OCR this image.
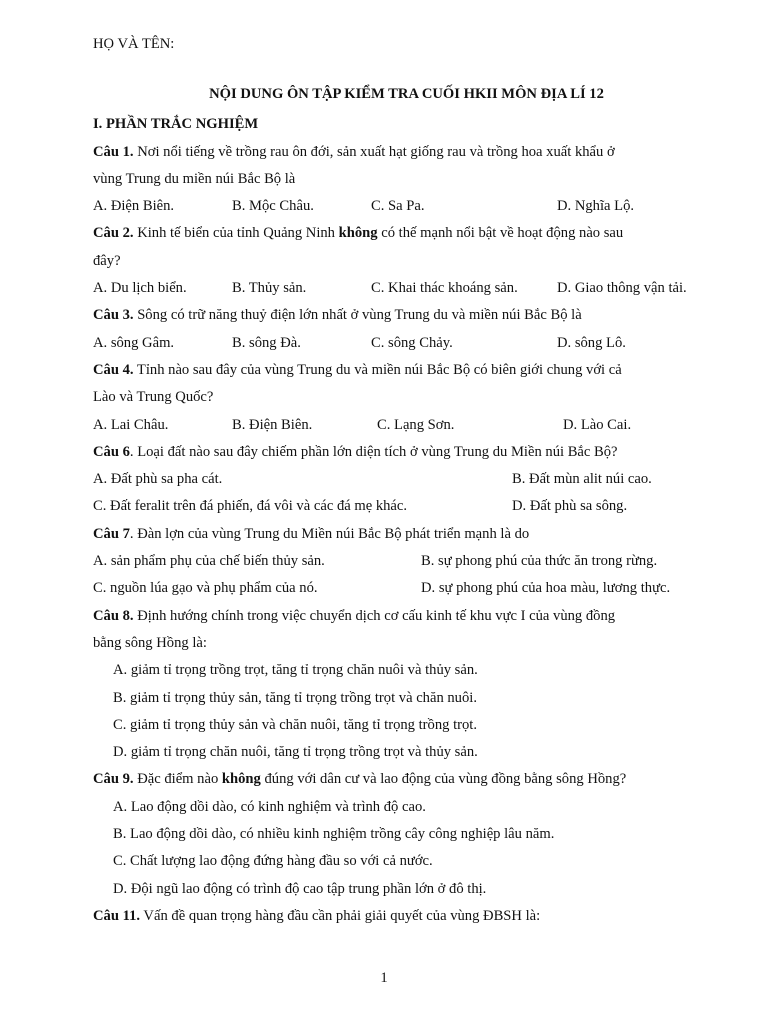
HỌ VÀ TÊN:
NỘI DUNG ÔN TẬP KIỂM TRA CUỐI HKII MÔN ĐỊA LÍ 12
I. PHẦN TRẮC NGHIỆM
Câu 1. Nơi nổi tiếng về trồng rau ôn đới, sản xuất hạt giống rau và trồng hoa xuất khẩu ở
vùng Trung du miền núi Bắc Bộ là
A. Điện Biên.	B. Mộc Châu.	C. Sa Pa.	D. Nghĩa Lộ.
Câu 2. Kinh tế biển của tỉnh Quảng Ninh không có thế mạnh nổi bật về hoạt động nào sau
đây?
A. Du lịch biển.	B. Thủy sản.	C. Khai thác khoáng sản.	D. Giao thông vận tải.
Câu 3. Sông có trữ năng thuỷ điện lớn nhất ở vùng Trung du và miền núi Bắc Bộ là
A. sông Gâm.	B. sông Đà.	C. sông Chảy.	D. sông Lô.
Câu 4. Tỉnh nào sau đây của vùng Trung du và miền núi Bắc Bộ có biên giới chung với cả
Lào và Trung Quốc?
A. Lai Châu.	B. Điện Biên.	C. Lạng Sơn.	D. Lào Cai.
Câu 6. Loại đất nào sau đây chiếm phần lớn diện tích ở vùng Trung du Miền núi Bắc Bộ?
A. Đất phù sa pha cát.	B. Đất mùn alit núi cao.
C. Đất feralit trên đá phiến, đá vôi và các đá mẹ khác.	D. Đất phù sa sông.
Câu 7. Đàn lợn của vùng Trung du Miền núi Bắc Bộ phát triển mạnh là do
A. sản phẩm phụ của chế biến thủy sản.	B. sự phong phú của thức ăn trong rừng.
C. nguồn lúa gạo và phụ phẩm của nó.	D. sự phong phú của hoa màu, lương thực.
Câu 8. Định hướng chính trong việc chuyển dịch cơ cấu kinh tế khu vực I của vùng đồng
bằng sông Hồng là:
A. giảm tỉ trọng trồng trọt, tăng tỉ trọng chăn nuôi và thủy sản.
B. giảm tỉ trọng thủy sản, tăng tỉ trọng trồng trọt và chăn nuôi.
C. giảm tỉ trọng thủy sản và chăn nuôi, tăng tỉ trọng trồng trọt.
D. giảm tỉ trọng chăn nuôi, tăng tỉ trọng trồng trọt và thủy sản.
Câu 9. Đặc điểm nào không đúng với dân cư và lao động của vùng đồng bằng sông Hồng?
A. Lao động dồi dào, có kinh nghiệm và trình độ cao.
B. Lao động dồi dào, có nhiều kinh nghiệm trồng cây công nghiệp lâu năm.
C. Chất lượng lao động đứng hàng đầu so với cả nước.
D. Đội ngũ lao động có trình độ cao tập trung phần lớn ở đô thị.
Câu 11. Vấn đề quan trọng hàng đầu cần phải giải quyết của vùng ĐBSH là:
1
